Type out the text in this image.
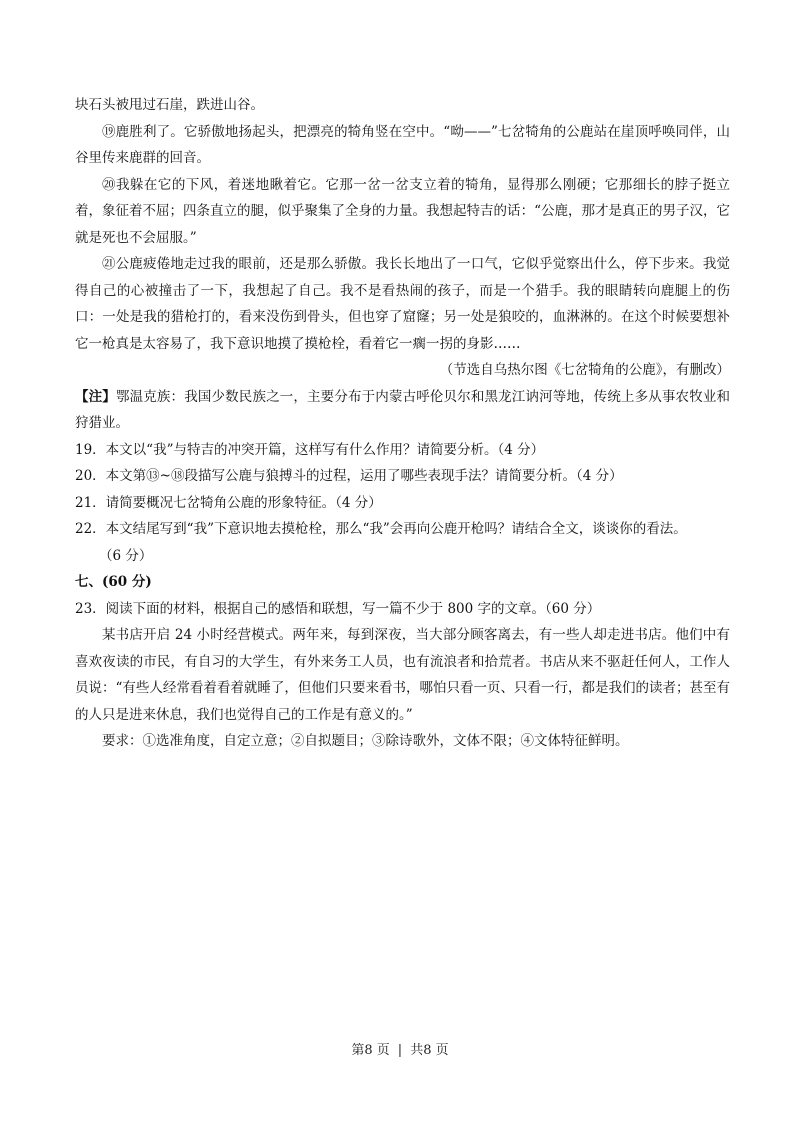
块石头被甩过石崖，跌进山谷。

⑲鹿胜利了。它骄傲地扬起头，把漂亮的犄角竖在空中。“呦——”七岔犄角的公鹿站在崖顶呼唤同伴，山谷里传来鹿群的回音。

⑳我躲在它的下风，着迷地瞅着它。它那一岔一岔支立着的犄角，显得那么刚硬；它那细长的脖子挺立着，象征着不屈；四条直立的腿，似乎聚集了全身的力量。我想起特吉的话：“公鹿，那才是真正的男子汉，它就是死也不会屈服。”

㉑公鹿疲倦地走过我的眼前，还是那么骄傲。我长长地出了一口气，它似乎觉察出什么，停下步来。我觉得自己的心被撞击了一下，我想起了自己。我不是看热闹的孩子，而是一个猎手。我的眼睛转向鹿腿上的伤口：一处是我的猎枪打的，看来没伤到骨头，但也穿了窟窿；另一处是狼咬的，血淋淋的。在这个时候要想补它一枪真是太容易了，我下意识地摸了摸枪栓，看着它一瘸一拐的身影……

（节选自乌热尔图《七岔犄角的公鹿》，有删改）

【注】鄂温克族：我国少数民族之一，主要分布于内蒙古呼伦贝尔和黑龙江讷河等地，传统上多从事农牧业和狩猎业。

19．本文以“我”与特吉的冲突开篇，这样写有什么作用？请简要分析。（4 分）

20．本文第⑬~⑱段描写公鹿与狼搏斗的过程，运用了哪些表现手法？请简要分析。（4 分）

21．请简要概况七岔犄角公鹿的形象特征。（4 分）

22．本文结尾写到“我”下意识地去摸枪栓，那么“我”会再向公鹿开枪吗？请结合全文，谈谈你的看法。

（6 分）

七、(60 分)

23．阅读下面的材料，根据自己的感悟和联想，写一篇不少于 800 字的文章。（60 分）

某书店开启 24 小时经营模式。两年来，每到深夜，当大部分顾客离去，有一些人却走进书店。他们中有喜欢夜读的市民，有自习的大学生，有外来务工人员，也有流浪者和拾荒者。书店从来不驱赶任何人，工作人员说：“有些人经常看着看着就睡了，但他们只要来看书，哪怕只看一页、只看一行，都是我们的读者；甚至有的人只是进来休息，我们也觉得自己的工作是有意义的。”

要求：①选准角度，自定立意；②自拟题目；③除诗歌外，文体不限；④文体特征鲜明。

第8 页 | 共8 页
